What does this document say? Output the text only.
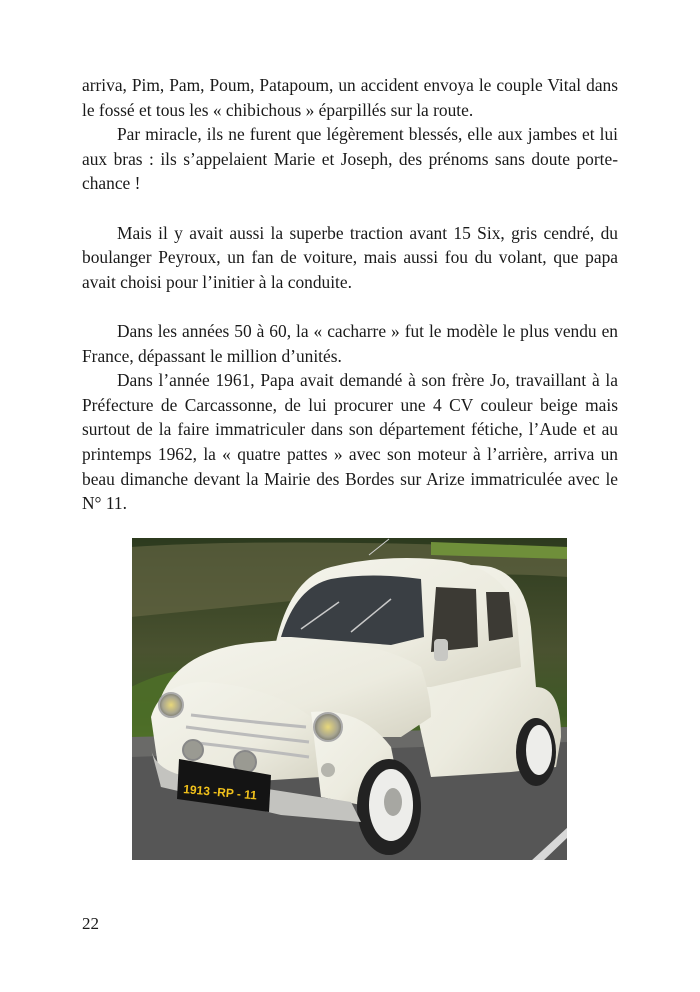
arriva, Pim, Pam, Poum, Patapoum, un accident envoya le couple Vital dans le fossé et tous les « chibichous » éparpillés sur la route.

Par miracle, ils ne furent que légèrement blessés, elle aux jambes et lui aux bras : ils s’appelaient Marie et Joseph, des prénoms sans doute porte-chance !

Mais il y avait aussi la superbe traction avant 15 Six, gris cendré, du boulanger Peyroux, un fan de voiture, mais aussi fou du volant, que papa avait choisi pour l’initier à la conduite.

Dans les années 50 à 60, la « cacharre » fut le modèle le plus vendu en France, dépassant le million d’unités.

Dans l’année 1961, Papa avait demandé à son frère Jo, travaillant à la Préfecture de Carcassonne, de lui procurer une 4 CV couleur beige mais surtout de la faire immatriculer dans son département fétiche, l’Aude et au printemps 1962, la « quatre pattes » avec son moteur à l’arrière, arriva un beau dimanche devant la Mairie des Bordes sur Arize immatriculée avec le N° 11.

1913 -RP - 11
22
